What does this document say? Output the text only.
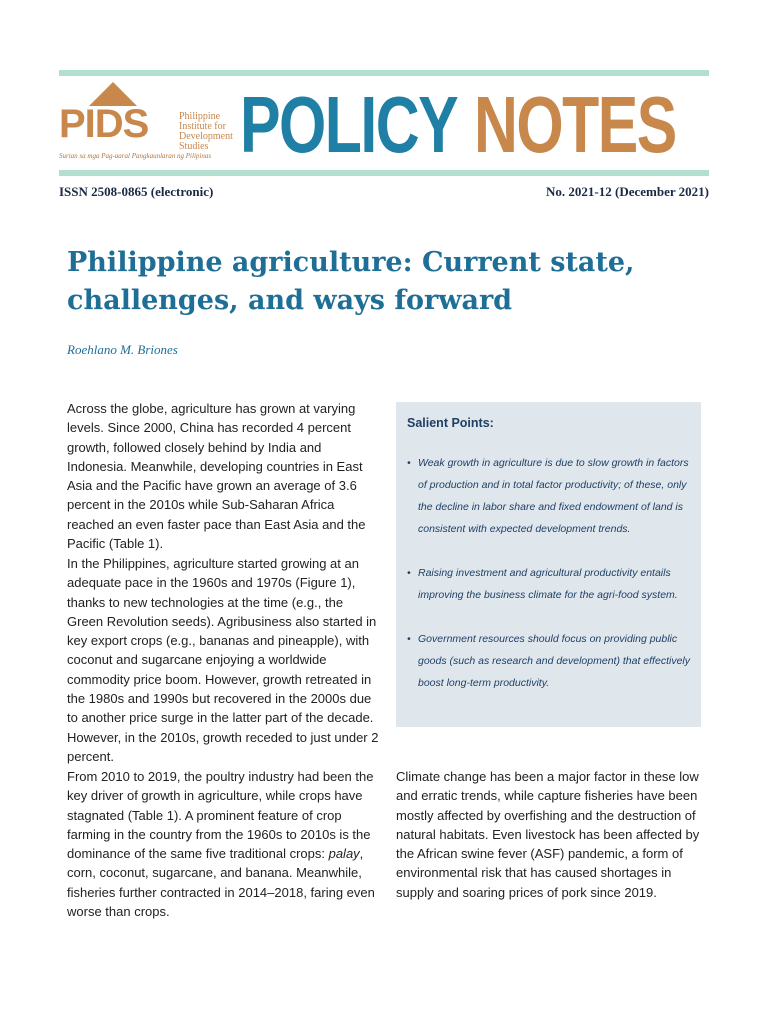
PIDS	Philippine
Institute for
Development
Studies
Surian sa mga Pag-aaral Pangkaunlaran ng Pilipinas POLICY NOTES
ISSN 2508-0865 (electronic)	No. 2021-12 (December 2021)
Philippine agriculture: Current state,
challenges, and ways forward
Roehlano M. Briones

Across the globe, agriculture has grown at varying levels. Since 2000, China has recorded 4 percent growth, followed closely behind by India and Indonesia. Meanwhile, developing countries in East Asia and the Pacific have grown an average of 3.6 percent in the 2010s while Sub-Saharan Africa reached an even faster pace than East Asia and the Pacific (Table 1).

In the Philippines, agriculture started growing at an adequate pace in the 1960s and 1970s (Figure 1), thanks to new technologies at the time (e.g., the Green Revolution seeds). Agribusiness also started in key export crops (e.g., bananas and pineapple), with coconut and sugarcane enjoying a worldwide commodity price boom. However, growth retreated in the 1980s and 1990s but recovered in the 2000s due to another price surge in the latter part of the decade. However, in the 2010s, growth receded to just under 2 percent.

From 2010 to 2019, the poultry industry had been the key driver of growth in agriculture, while crops have stagnated (Table 1). A prominent feature of crop farming in the country from the 1960s to 2010s is the dominance of the same five traditional crops: palay, corn, coconut, sugarcane, and banana. Meanwhile, fisheries further contracted in 2014–2018, faring even worse than crops.

Salient Points:
• Weak growth in agriculture is due to slow growth in factors of production and in total factor productivity; of these, only the decline in labor share and fixed endowment of land is consistent with expected development trends.
• Raising investment and agricultural productivity entails improving the business climate for the agri-food system.
• Government resources should focus on providing public goods (such as research and development) that effectively boost long-term productivity.

Climate change has been a major factor in these low and erratic trends, while capture fisheries have been mostly affected by overfishing and the destruction of natural habitats. Even livestock has been affected by the African swine fever (ASF) pandemic, a form of environmental risk that has caused shortages in supply and soaring prices of pork since 2019.
